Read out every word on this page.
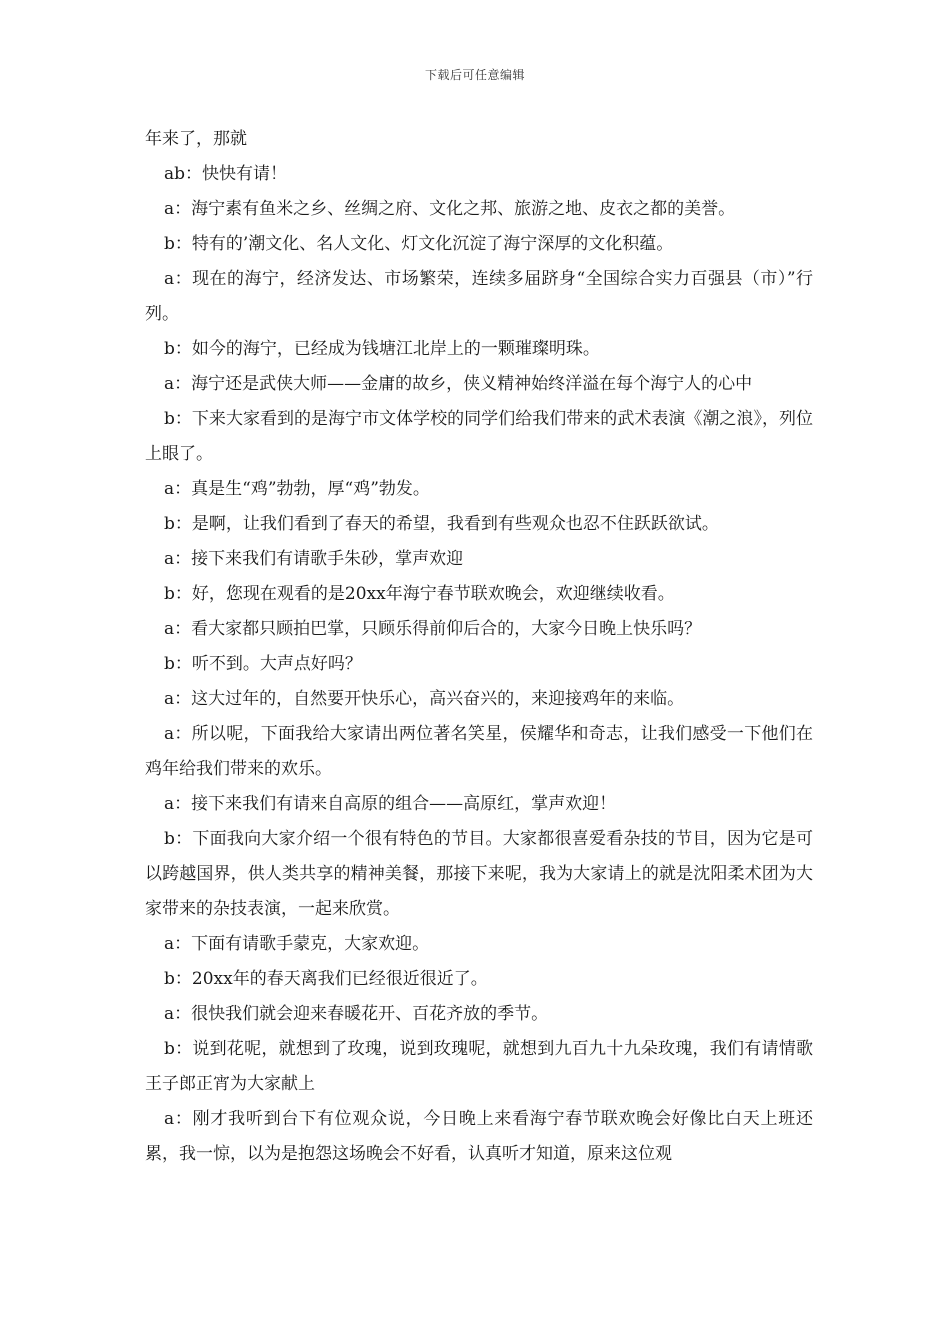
下载后可任意编辑

年来了，那就

ab：快快有请！

a：海宁素有鱼米之乡、丝绸之府、文化之邦、旅游之地、皮衣之都的美誉。

b：特有的’潮文化、名人文化、灯文化沉淀了海宁深厚的文化积蕴。

a：现在的海宁，经济发达、市场繁荣，连续多届跻身“全国综合实力百强县（市）”行列。

b：如今的海宁，已经成为钱塘江北岸上的一颗璀璨明珠。

a：海宁还是武侠大师——金庸的故乡，侠义精神始终洋溢在每个海宁人的心中

b：下来大家看到的是海宁市文体学校的同学们给我们带来的武术表演《潮之浪》，列位上眼了。

a：真是生“鸡”勃勃，厚“鸡”勃发。

b：是啊，让我们看到了春天的希望，我看到有些观众也忍不住跃跃欲试。

a：接下来我们有请歌手朱砂，掌声欢迎

b：好，您现在观看的是20xx年海宁春节联欢晚会，欢迎继续收看。

a：看大家都只顾拍巴掌，只顾乐得前仰后合的，大家今日晚上快乐吗？

b：听不到。大声点好吗？

a：这大过年的，自然要开快乐心，高兴奋兴的，来迎接鸡年的来临。

a：所以呢，下面我给大家请出两位著名笑星，侯耀华和奇志，让我们感受一下他们在鸡年给我们带来的欢乐。

a：接下来我们有请来自高原的组合——高原红，掌声欢迎！

b：下面我向大家介绍一个很有特色的节目。大家都很喜爱看杂技的节目，因为它是可以跨越国界，供人类共享的精神美餐，那接下来呢，我为大家请上的就是沈阳柔术团为大家带来的杂技表演，一起来欣赏。

a：下面有请歌手蒙克，大家欢迎。

b：20xx年的春天离我们已经很近很近了。

a：很快我们就会迎来春暖花开、百花齐放的季节。

b：说到花呢，就想到了玫瑰，说到玫瑰呢，就想到九百九十九朵玫瑰，我们有请情歌王子郎正宵为大家献上

a：刚才我听到台下有位观众说，今日晚上来看海宁春节联欢晚会好像比白天上班还累，我一惊，以为是抱怨这场晚会不好看，认真听才知道，原来这位观
